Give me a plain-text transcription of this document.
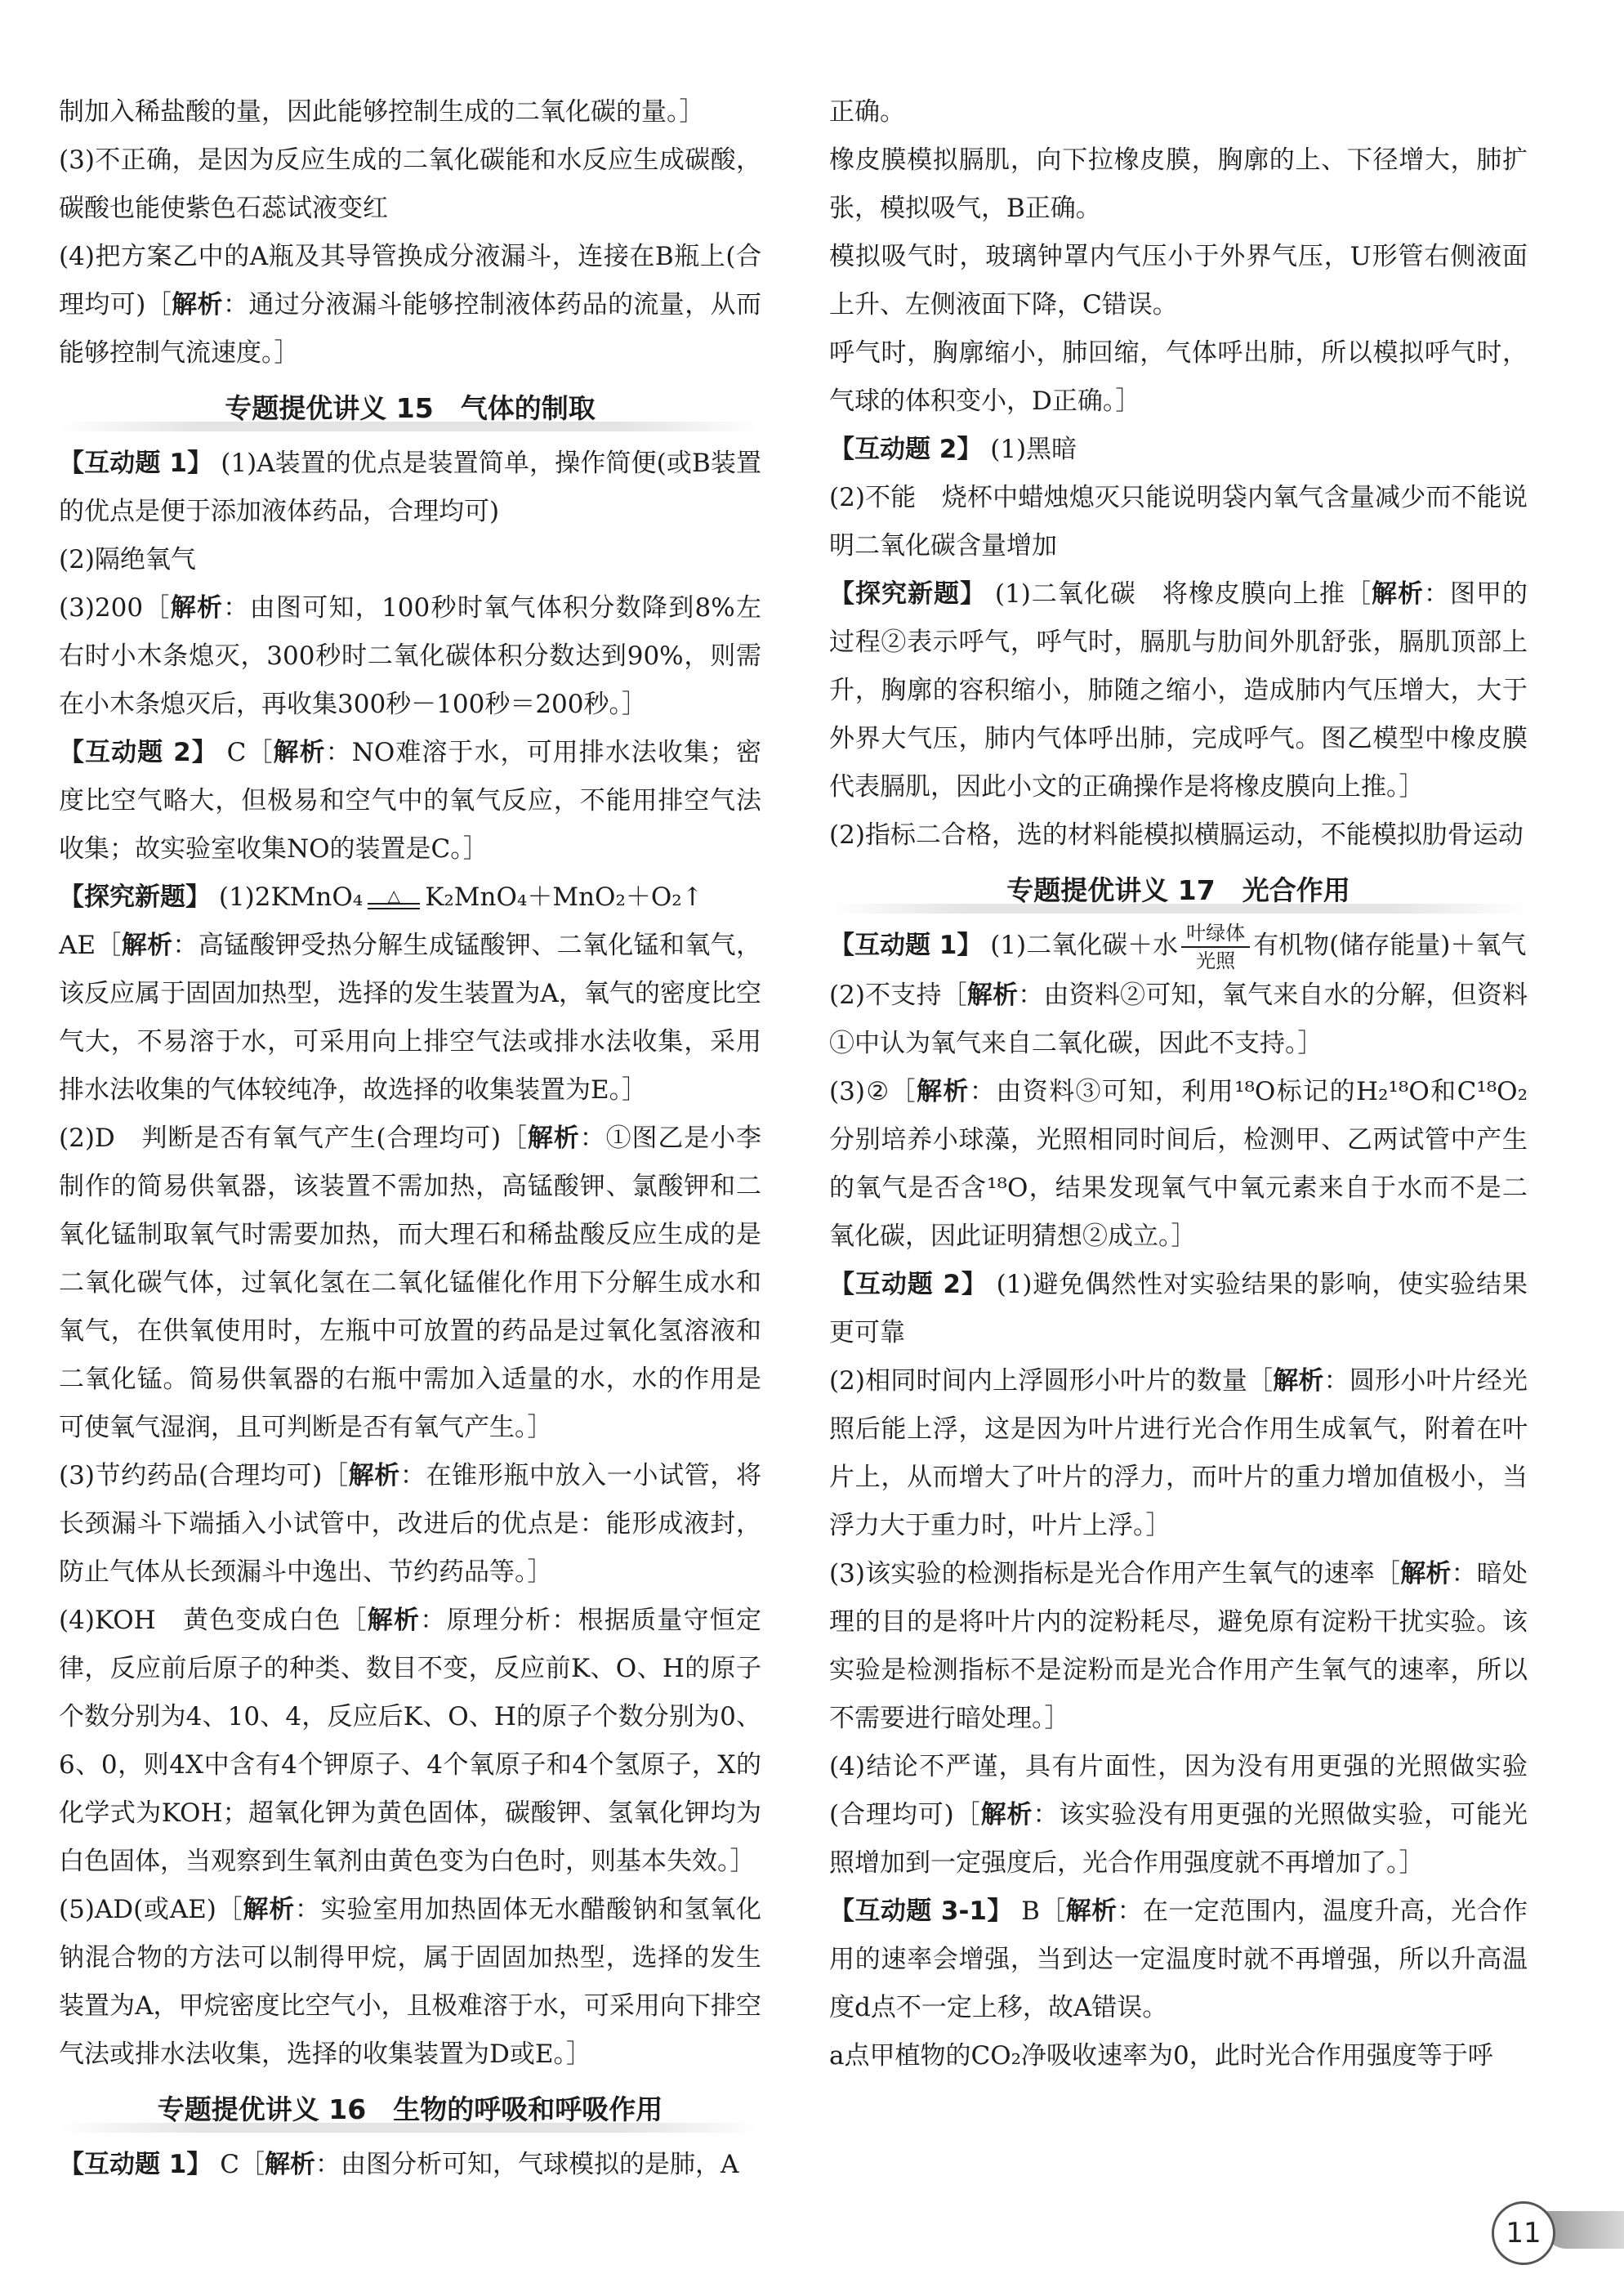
制加入稀盐酸的量，因此能够控制生成的二氧化碳的量。］

(3)不正确，是因为反应生成的二氧化碳能和水反应生成碳酸，碳酸也能使紫色石蕊试液变红

(4)把方案乙中的A瓶及其导管换成分液漏斗，连接在B瓶上(合理均可)［解析：通过分液漏斗能够控制液体药品的流量，从而能够控制气流速度。］

专题提优讲义 15　气体的制取

【互动题 1】 (1)A装置的优点是装置简单，操作简便(或B装置的优点是便于添加液体药品，合理均可)

(2)隔绝氧气

(3)200［解析：由图可知，100秒时氧气体积分数降到8%左右时小木条熄灭，300秒时二氧化碳体积分数达到90%，则需在小木条熄灭后，再收集300秒－100秒＝200秒。］

【互动题 2】 C［解析：NO难溶于水，可用排水法收集；密度比空气略大，但极易和空气中的氧气反应，不能用排空气法收集；故实验室收集NO的装置是C。］

【探究新题】 (1)2KMnO₄	△ K₂MnO₄＋MnO₂＋O₂↑
AE［解析：高锰酸钾受热分解生成锰酸钾、二氧化锰和氧气，该反应属于固固加热型，选择的发生装置为A，氧气的密度比空气大，不易溶于水，可采用向上排空气法或排水法收集，采用排水法收集的气体较纯净，故选择的收集装置为E。］

(2)D　判断是否有氧气产生(合理均可)［解析：①图乙是小李制作的简易供氧器，该装置不需加热，高锰酸钾、氯酸钾和二氧化锰制取氧气时需要加热，而大理石和稀盐酸反应生成的是二氧化碳气体，过氧化氢在二氧化锰催化作用下分解生成水和氧气，在供氧使用时，左瓶中可放置的药品是过氧化氢溶液和二氧化锰。简易供氧器的右瓶中需加入适量的水，水的作用是可使氧气湿润，且可判断是否有氧气产生。］

(3)节约药品(合理均可)［解析：在锥形瓶中放入一小试管，将长颈漏斗下端插入小试管中，改进后的优点是：能形成液封，防止气体从长颈漏斗中逸出、节约药品等。］

(4)KOH　黄色变成白色［解析：原理分析：根据质量守恒定律，反应前后原子的种类、数目不变，反应前K、O、H的原子个数分别为4、10、4，反应后K、O、H的原子个数分别为0、6、0，则4X中含有4个钾原子、4个氧原子和4个氢原子，X的化学式为KOH；超氧化钾为黄色固体，碳酸钾、氢氧化钾均为白色固体，当观察到生氧剂由黄色变为白色时，则基本失效。］

(5)AD(或AE)［解析：实验室用加热固体无水醋酸钠和氢氧化钠混合物的方法可以制得甲烷，属于固固加热型，选择的发生装置为A，甲烷密度比空气小，且极难溶于水，可采用向下排空气法或排水法收集，选择的收集装置为D或E。］

专题提优讲义 16　生物的呼吸和呼吸作用

【互动题 1】 C［解析：由图分析可知，气球模拟的是肺，A

正确。

橡皮膜模拟膈肌，向下拉橡皮膜，胸廓的上、下径增大，肺扩张，模拟吸气，B正确。

模拟吸气时，玻璃钟罩内气压小于外界气压，U形管右侧液面上升、左侧液面下降，C错误。

呼气时，胸廓缩小，肺回缩，气体呼出肺，所以模拟呼气时，气球的体积变小，D正确。］

【互动题 2】 (1)黑暗

(2)不能　烧杯中蜡烛熄灭只能说明袋内氧气含量减少而不能说明二氧化碳含量增加

【探究新题】 (1)二氧化碳　将橡皮膜向上推［解析：图甲的过程②表示呼气，呼气时，膈肌与肋间外肌舒张，膈肌顶部上升，胸廓的容积缩小，肺随之缩小，造成肺内气压增大，大于外界大气压，肺内气体呼出肺，完成呼气。图乙模型中橡皮膜代表膈肌，因此小文的正确操作是将橡皮膜向上推。］

(2)指标二合格，选的材料能模拟横膈运动，不能模拟肋骨运动

专题提优讲义 17　光合作用

【互动题 1】 (1)二氧化碳＋水 $\frac{\text{叶绿体}}{\text{光照}}$ 有机物(储存能量)＋氧气

(2)不支持［解析：由资料②可知，氧气来自水的分解，但资料①中认为氧气来自二氧化碳，因此不支持。］

(3)②［解析：由资料③可知，利用¹⁸O标记的H₂¹⁸O和C¹⁸O₂分别培养小球藻，光照相同时间后，检测甲、乙两试管中产生的氧气是否含¹⁸O，结果发现氧气中氧元素来自于水而不是二氧化碳，因此证明猜想②成立。］

【互动题 2】 (1)避免偶然性对实验结果的影响，使实验结果更可靠

(2)相同时间内上浮圆形小叶片的数量［解析：圆形小叶片经光照后能上浮，这是因为叶片进行光合作用生成氧气，附着在叶片上，从而增大了叶片的浮力，而叶片的重力增加值极小，当浮力大于重力时，叶片上浮。］

(3)该实验的检测指标是光合作用产生氧气的速率［解析：暗处理的目的是将叶片内的淀粉耗尽，避免原有淀粉干扰实验。该实验是检测指标不是淀粉而是光合作用产生氧气的速率，所以不需要进行暗处理。］

(4)结论不严谨，具有片面性，因为没有用更强的光照做实验(合理均可)［解析：该实验没有用更强的光照做实验，可能光照增加到一定强度后，光合作用强度就不再增加了。］

【互动题 3-1】 B［解析：在一定范围内，温度升高，光合作用的速率会增强，当到达一定温度时就不再增强，所以升高温度d点不一定上移，故A错误。

a点甲植物的CO₂净吸收速率为0，此时光合作用强度等于呼

11
